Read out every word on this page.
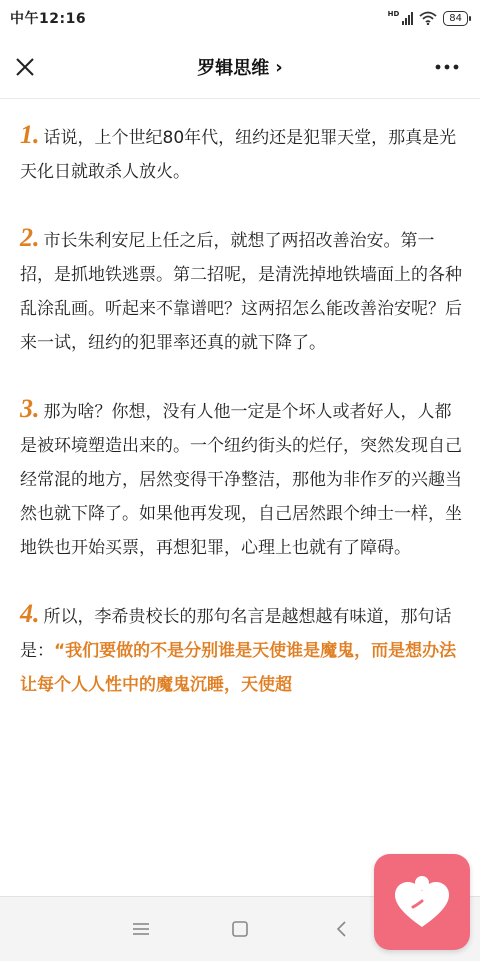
中午12:16	HD	84
罗辑思维 ›

1. 话说，上个世纪80年代，纽约还是犯罪天堂，那真是光天化日就敢杀人放火。

2. 市长朱利安尼上任之后，就想了两招改善治安。第一招，是抓地铁逃票。第二招呢，是清洗掉地铁墙面上的各种乱涂乱画。听起来不靠谱吧？这两招怎么能改善治安呢？后来一试，纽约的犯罪率还真的就下降了。

3. 那为啥？你想，没有人他一定是个坏人或者好人，人都是被环境塑造出来的。一个纽约街头的烂仔，突然发现自己经常混的地方，居然变得干净整洁，那他为非作歹的兴趣当然也就下降了。如果他再发现，自己居然跟个绅士一样，坐地铁也开始买票，再想犯罪，心理上也就有了障碍。

4. 所以，李希贵校长的那句名言是越想越有味道，那句话是：“我们要做的不是分别谁是天使谁是魔鬼，而是想办法让每个人人性中的魔鬼沉睡，天使超
